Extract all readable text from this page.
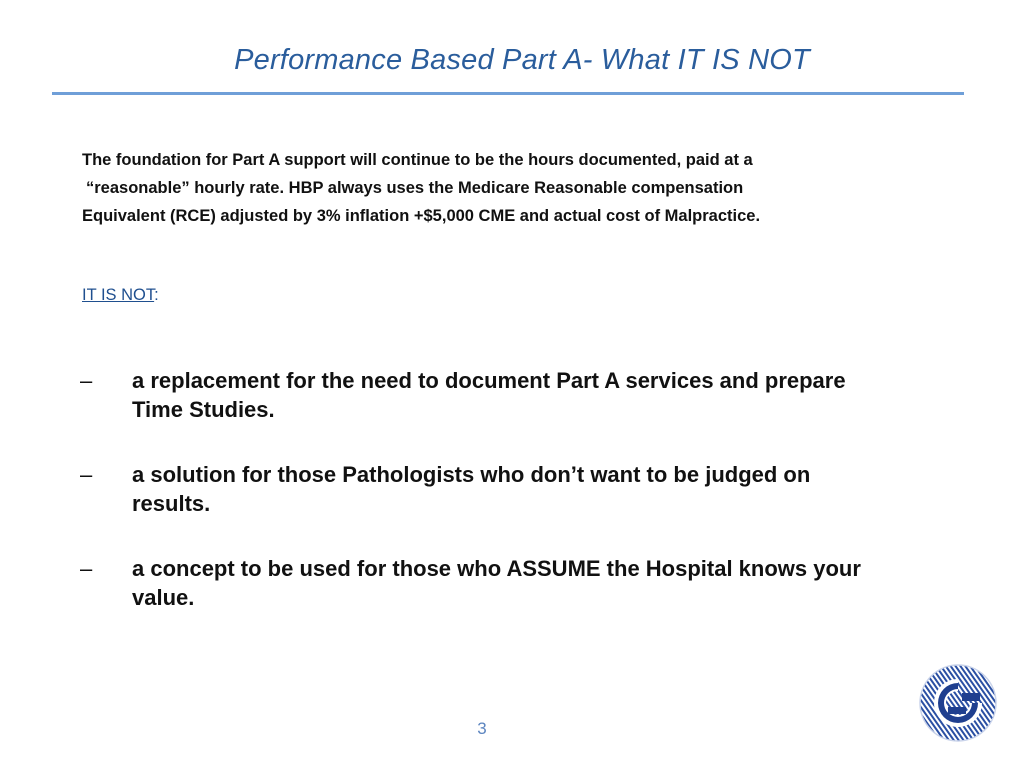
Performance Based Part A- What IT IS NOT

The foundation for Part A support will continue to be the hours documented, paid at a

“reasonable” hourly rate. HBP always uses the Medicare Reasonable compensation

Equivalent (RCE) adjusted by 3% inflation +$5,000 CME and actual cost of Malpractice.

IT IS NOT:
– a replacement for the need to document Part A services and prepare
Time Studies.
– a solution for those Pathologists who don’t want to be judged on
results.
– a concept to be used for those who ASSUME the Hospital knows your
value.
3
